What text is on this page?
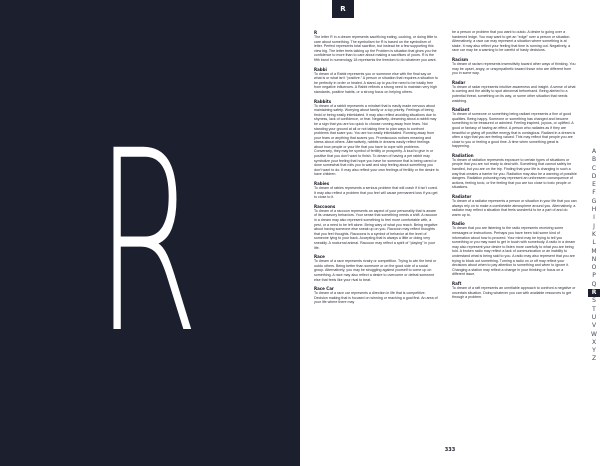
R
R
R
The letter R in a dream represents sacrificing eating, cooking, or doing little to care about something. The symbolism for R is based on the symbolism of letter. Perfect represents total sacrifice, but instead be a few supporting this view big. The letter feels talking up the Problem is situation that gives you the confidence to more than to care about making a sacrifices of yours. R is the fifth band in numerology 18 represents the freedom to do whatever you want.
Rabbi
To dream of a Rabbi represents you or someone else with the final say on what is or what isn't "positive." A person or situation that requires a situation to be perfectly in order or healed. A stand-up to you the need to be totally free from negative influences. A Rabbi reflects a strong need to maintain very high standards, positive habits, or a strong focus on helping others.
Rabbits
To dream of a rabbit represents a mindset that is easily made nervous about maintaining safety. Worrying about family or a top priority. Feelings of being timid or being easily intimidated. It may also reflect avoiding situations due to shyness, lack of confidence, or fear. Negatively, dreaming about a rabbit may be a sign that you are too quick to choose running away from fears. Not standing your ground at all or not taking time to plan ways to confront problems that scare you. You are too easily intimidated. Running away from your fears or anything that scares you. Promiscuous notices meaning and stress about others. Alternatively, rabbits in dreams easily reflect feelings about how people or your life that you have to cope with problems. Conversely, they may be symbol of fertility or prosperity. A loud to give in or positive that you don't want to finish. To dream of having a pet rabbit may symbolize your feeling that hope you have for someone that is being cared or done somewhat that rolls you to wait and stop feeling about something you don't want to do. It may also reflect your own feelings of fertility or the desire to have children.
Rabies
To dream of rabies represents a serious problem that will crash if it isn't cured. It may also reflect a problem that you feel will cause permanent loss if you get to close to it.
Raccoons
To dream of a raccoon represents an aspect of your personality that is aware of its unsavory behaviors. Your sense that something needs a shift. A raccoon in a dream may also represent something to feel more comfortable with, a pest, or a need to be left alone. Being wary of what you reach. Being negative about having someone else sneak up on you. Raccoon may reflect thoughts that you feel thoughts. Raccoons is a symbol of behavior at the level of someone lying to your back. Accepting that is always a little or doing very sneakily. A nocturnal animal. Raccoon may reflect a spirit of "playing" in your life.
Race
To dream of a race represents rivalry or competition. Trying to win the best or outdo others. Being better than someone or on the good side of a social group. Alternatively, you may be struggling against yourself to come up on something. A race may also reflect a desire to overcome or defeat someone else that feels like your rival to beat.
Race Car
To dream of a race car represents a direction in life that is competitive. Decision making that is focused on winning or reaching a goal first. An area of your life where there may
be a person or problem that you want to outdo. A desire to going over a hardened ledge. You may want to get an "edge" over a person or situation. Alternatively, a race car may represent a situation where something is at stake. It may also reflect your feeling that time is running out. Negatively, a race car may be a warning to be careful of hasty decisions.
Racism
To dream of racism represents insensitivity toward other ways of thinking. You may be upset, angry, or unsympathetic toward those who are different from you in some way.
Radar
To dream of radar represents intuitive awareness and insight. A sense of what is coming and the ability to spot abnormal beforehand. Being alerted to a potential threat, something on its way, or some other situation that needs watching.
Radiant
To dream of someone or something being radiant represents a fine of good qualities. Being happy. Someone or something has changed and become something to be treasured or admired. Feeling inspired, joyous, or uplifted. A good or fantasy of having an effect. A person who radiates as if they are beautiful or giving off positive energy that is contagious. Radiant in a dream is often a sign that you are feeling valued. This may reflect that people you are close to you or feeling a good time. A time when something great is happening.
Radiation
To dream of radiation represents exposure to certain types of situations or people that you are not ready to deal with. Something that cannot safely be handled, but you are on the trip. Finding that your life is changing in such a way that creates a barrier for you. Radiation may also be a warning of possible dangers. Radiation poisoning may represent an unforeseen consequence of actions, feeling toxic, or the feeling that you are too close to toxic people or situations.
Radiator
To dream of a radiator represents a person or situation in your life that you can always rely on to make a comfortable atmosphere around you. Alternatively, a radiator may reflect a situation that feels wonderful to be a part of and do warm up to.
Radio
To dream that you are listening to the radio represents receiving some messages or instructions. Perhaps you have been told some kind of information about how to proceed. Your mind may be trying to tell you something or you may want to get in touch with somebody. A radio in a dream may also represent your desire to listen more carefully to what you are being told. A broken radio may reflect a lack of communication or an inability to understand what is being said to you. A radio may also represent that you are trying to block out something. Turning a radio on or off may reflect your decisions about when to pay attention to something and when to ignore it. Changing a station may reflect a change in your thinking or focus on a different issue.
Raft
To dream of a raft represents an unreliable approach to confront a negative or uncertain situation. Doing whatever you can with available resources to get through a problem.
A
B
C
D
E
F
G
H
I
J
K
L
M
N
O
P
Q
R
S
T
U
V
W
X
Y
Z
333
